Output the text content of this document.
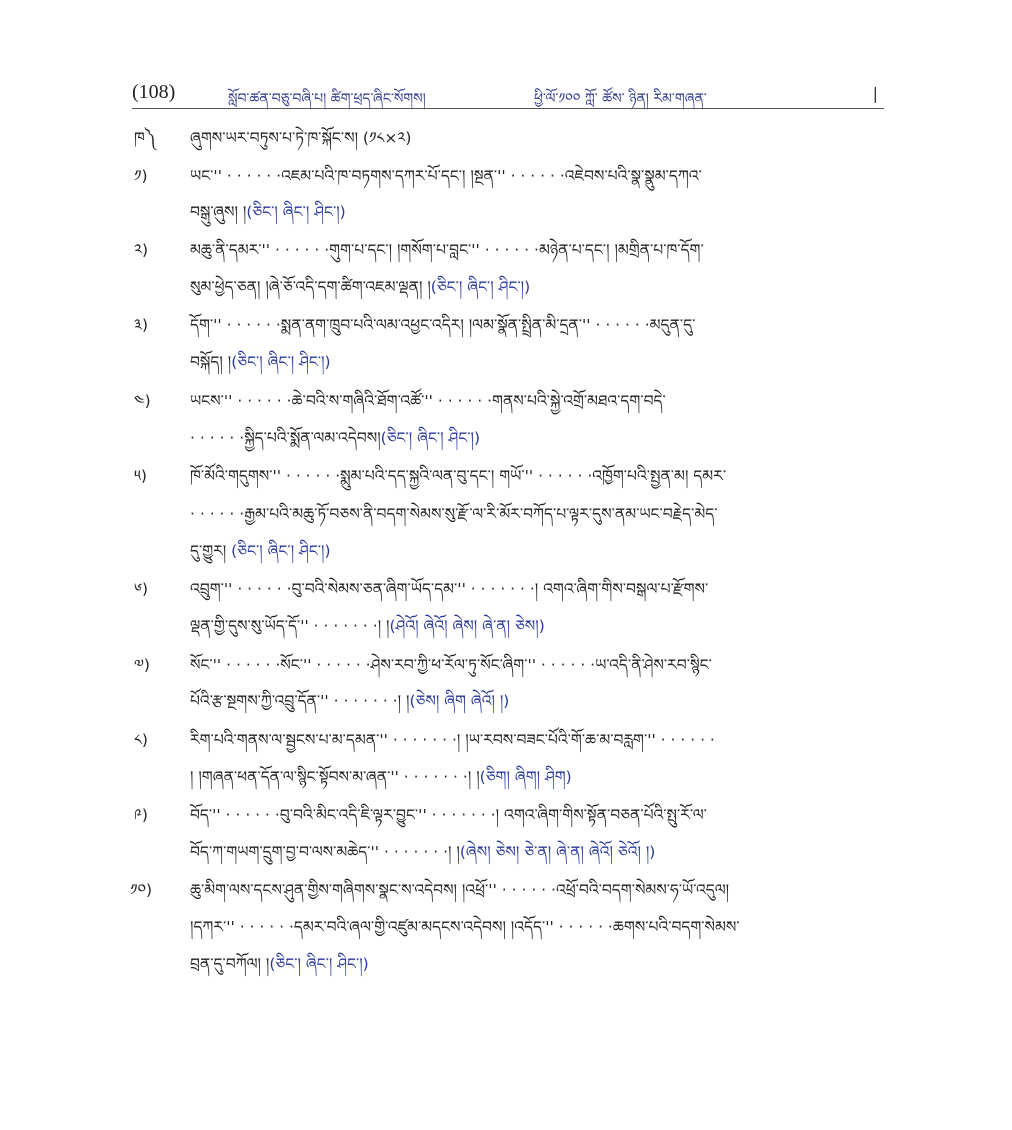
(108)	སློབ་ཚན་བཅུ་བཞི་པ། ཚིག་ཕྲད་ཞིང་སོགས།	ཕྱི་ལོ་༡༠༠ ཀློ་ ཚོས་ ཉིན། རིམ་གཞན་	|
ཁ༽ ཞུགས་ཡར་བཏུས་པ་ཏེ་ཁ་སྐོང་ས། (༡༨×༢)
༡)	ཡང་'' · · · · · ·འཇམ་པའི་ཁ་བཏགས་དཀར་པོ་དང་། །སྔན་'' · · · · · ·འཇེབས་པའི་སྣ་སྣུམ་དཀའ་
བསྒུ་ཞུས། །(ཅིང་། ཞིང་། ཤིང་།)
༢)	མཆུ་ནི་དམར་'' · · · · · ·གུག་པ་དང་། །གསོག་པ་བླང་'' · · · · · ·མཉེན་པ་དང་། །མགྲིན་པ་ཁ་དོག་
སུམ་ཕྱེད་ཅན། །ཞེ་ཅོ་འདི་དག་ཚིག་འཇམ་ལྡན། །(ཅིང་། ཞིང་། ཤིང་།)
༣)	དོག་'' · · · · · ·སྨན་ནག་ཁྲུབ་པའི་ལམ་འཕྱང་འདིར། །ལམ་སྣོན་སྤྲིན་མི་དྲན་'' · · · · · ·མདུན་དུ་
བསྐོད། །(ཅིང་། ཞིང་། ཤིང་།)
༤)	ཡངས་'' · · · · · ·ཆེ་བའི་ས་གཞིའི་ཐོག་འཚོ་'' · · · · · ·གནས་པའི་སྐྱེ་འགྲོ་མཐའ་དག་བདེ་
· · · · · ·སྐྱིད་པའི་སྨོན་ལམ་འདེབས།(ཅིང་། ཞིང་། ཤིང་།)
༥)	ཁོ་མོའི་གདུགས་'' · · · · · ·སྨུམ་པའི་དད་སྐྱའི་ལན་བུ་དང་། གཡོ་'' · · · · · ·འཁྱོག་པའི་སྤྱན་མ། དམར་
· · · · · ·རྒྱམ་པའི་མཆུ་ཏོ་བཅས་ནི་བདག་སེམས་སུ་རྫོ་ལ་རི་མོར་བཀོད་པ་ལྟར་དུས་ནམ་ཡང་བརྗེད་མེད་
དུ་གྱུར། (ཅིང་། ཞིང་། ཤིང་།)
༦)	འབྲུག་'' · · · · · ·བུ་བའི་སེམས་ཅན་ཞིག་ཡོད་དམ་'' · · · · · · ·། འགའ་ཞིག་གིས་བསྒལ་པ་རྫོགས་
ལྡན་གྱི་དུས་སུ་ཡོད་དོ་'' · · · · · · ·། །(ཤེའོ། ཞེའོ། ཞེས། ཞེ་ན། ཅེས།)
༧)	སོང་'' · · · · · ·སོང་'' · · · · · ·ཤེས་རབ་ཀྱི་ཕ་རོལ་ཏུ་སོང་ཞིག་'' · · · · · ·ཡ་འདི་ནི་ཤེས་རབ་སྙིང་
པོའི་རྩ་སྔགས་ཀྱི་འབྲུ་དོན་'' · · · · · · ·། །(ཅེས། ཞིག ཞེའོ། །)
༨)	རིག་པའི་གནས་ལ་སྦྱངས་པ་མ་དམན་'' · · · · · · ·། །ཡ་རབས་བཟང་པོའི་གོ་ཆ་མ་བརླག་'' · · · · · ·
། །གཞན་ཕན་དོན་ལ་སྙིང་སྟོབས་མ་ཞན་'' · · · · · · ·། །(ཅིག། ཞིག། ཤིག)
༩)	བོད་'' · · · · · ·བུ་བའི་མིང་འདི་ཇི་ལྟར་བྱུང་'' · · · · · · ·། འགའ་ཞིག་གིས་སྟོན་བཅན་པོའི་སྤུ་རོ་ལ་
བོད་ཀ་གཡག་དྲུག་བྱ་བ་ལས་མཆེད་'' · · · · · · ·། །(ཞེས། ཅེས། ཅེ་ན། ཞེ་ན། ཞེའོ། ཅེའོ། །)
༡༠) ཆུ་མིག་ལས་དངས་ཤུན་གྱིས་གཞིགས་སྣང་ས་འདེབས། །འཕྲོ་'' · · · · · ·འཕྲོ་བའི་བདག་སེམས་ཧ་ཡོ་འདུལ།
།དཀར་'' · · · · · ·དམར་བའི་ཞལ་གྱི་འཛུམ་མདངས་འདེབས། །འདོད་'' · · · · · ·ཆགས་པའི་བདག་སེམས་
བྲན་དུ་བཀོལ། །(ཅིང་། ཞིང་། ཤིང་།)
